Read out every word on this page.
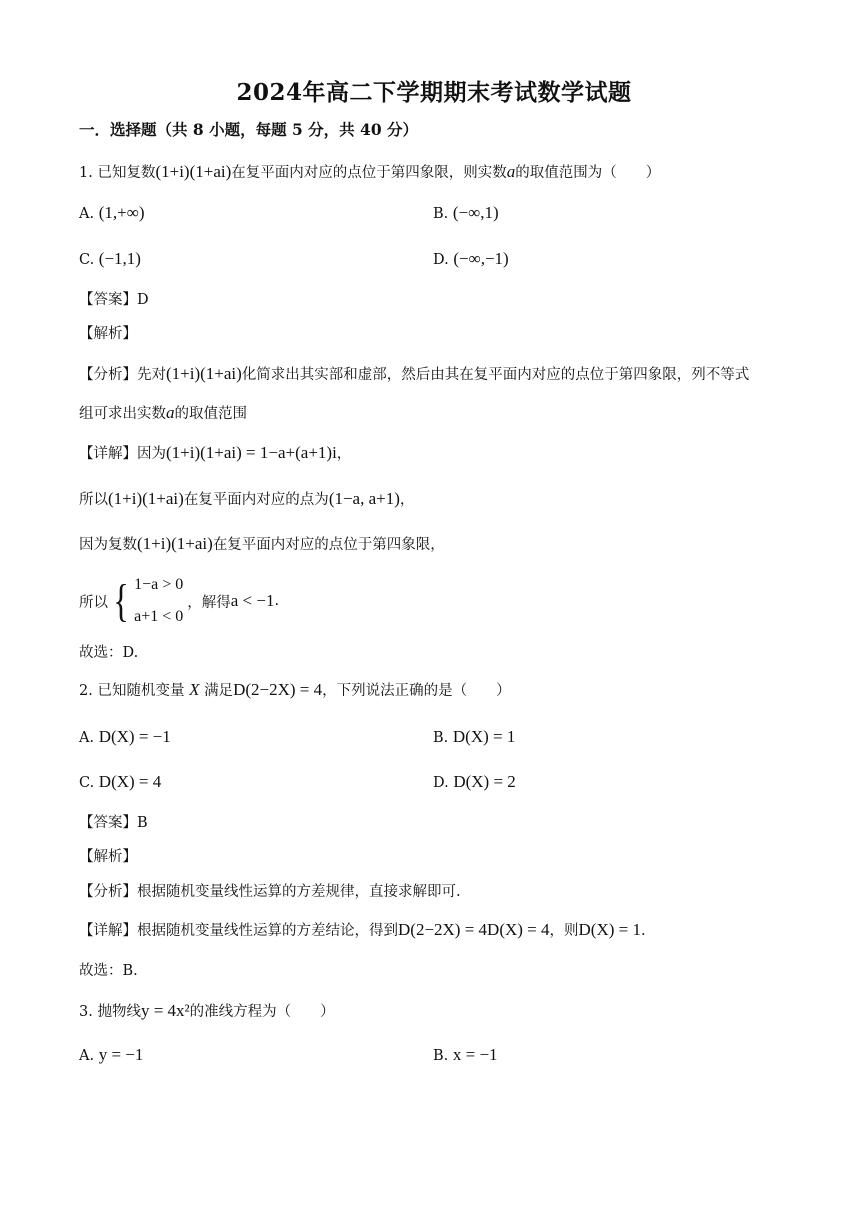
2024年高二下学期期末考试数学试题
一．选择题（共 8 小题，每题 5 分，共 40 分）
1. 已知复数(1+i)(1+ai)在复平面内对应的点位于第四象限，则实数a的取值范围为（　　）
A. (1,+∞)	B. (−∞,1)
C. (−1,1)	D. (−∞,−1)
【答案】D
【解析】
【分析】先对(1+i)(1+ai)化简求出其实部和虚部，然后由其在复平面内对应的点位于第四象限，列不等式
组可求出实数a的取值范围
【详解】因为(1+i)(1+ai) = 1−a+(a+1)i，
所以(1+i)(1+ai)在复平面内对应的点为(1−a, a+1)，
因为复数(1+i)(1+ai)在复平面内对应的点位于第四象限，
所以 { 1−a > 0
a+1 < 0
，解得 a < −1 .
故选：D.
2. 已知随机变量 X 满足D(2−2X) = 4，下列说法正确的是（　　）
A. D(X) = −1	B. D(X) = 1
C. D(X) = 4	D. D(X) = 2
【答案】B
【解析】
【分析】根据随机变量线性运算的方差规律，直接求解即可.
【详解】根据随机变量线性运算的方差结论，得到D(2−2X) = 4D(X) = 4，则D(X) = 1.
故选：B.
3. 抛物线y = 4x²的准线方程为（　　）
A. y = −1	B. x = −1
